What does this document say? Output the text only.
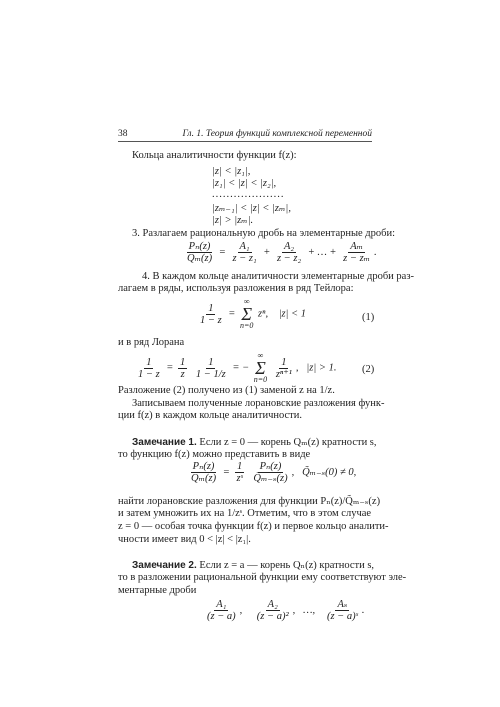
38	Гл. 1. Теория функций комплексной переменной
Кольца аналитичности функции f(z):
|z| < |z₁|,
|z₁| < |z| < |z₂|,
....................
|zₘ₋₁| < |z| < |zₘ|,
|z| > |zₘ|.
3. Разлагаем рациональную дробь на элементарные дроби:
$\frac{\text{Pₙ(z)}}{\text{Qₘ(z)}} = \frac{\text{A₁}}{\text{z − z₁}} + \frac{\text{A₂}}{\text{z − z₂}}$ + … + $\frac{\text{Aₘ}}{\text{z − zₘ}}$ .
4. В каждом кольце аналитичности элементарные дроби раз-
лагаем в ряды, используя разложения в ряд Тейлора:
$\frac{1}{1 - z}$ =
∞
Σ
n=0
zⁿ, |z| < 1	(1)
и в ряд Лорана
$\frac{1}{1 - z} = \frac{1}{z}$
$\frac{1}{1 - 1/z}$ = −
∞
Σ
n=0
$\frac{1}{\text{zⁿ⁺¹}}$ ,   |z| > 1. (2)
Разложение (2) получено из (1) заменой z на 1/z.
Записываем полученные лорановские разложения функ-
ции f(z) в каждом кольце аналитичности.
Замечание 1. Если z = 0 — корень Qₘ(z) кратности s,
то функцию f(z) можно представить в виде
$\frac{\text{Pₙ(z)}}{\text{Qₘ(z)}} = \frac{1}{\text{zˢ}}$
$\frac{\text{Pₙ(z)}}{\text{Q̃ₘ₋ₛ(z)}}$ ,   Q̃ₘ₋ₛ(0) ≠ 0,
найти лорановские разложения для функции Pₙ(z)/Q̃ₘ₋ₛ(z)
и затем умножить их на 1/zˢ. Отметим, что в этом случае
z = 0 — особая точка функции f(z) и первое кольцо аналити-
чности имеет вид 0 < |z| < |z₁|.
Замечание 2. Если z = a — корень Qₙ(z) кратности s,
то в разложении рациональной функции ему соответствуют эле-
ментарные дроби
$\frac{\text{A₁}}{(z - a)}$ , $\frac{\text{A₂}}{\text{(z − a)²}}$ ,   …, $\frac{\text{Aₛ}}{\text{(z − a)ˢ}}$ .
